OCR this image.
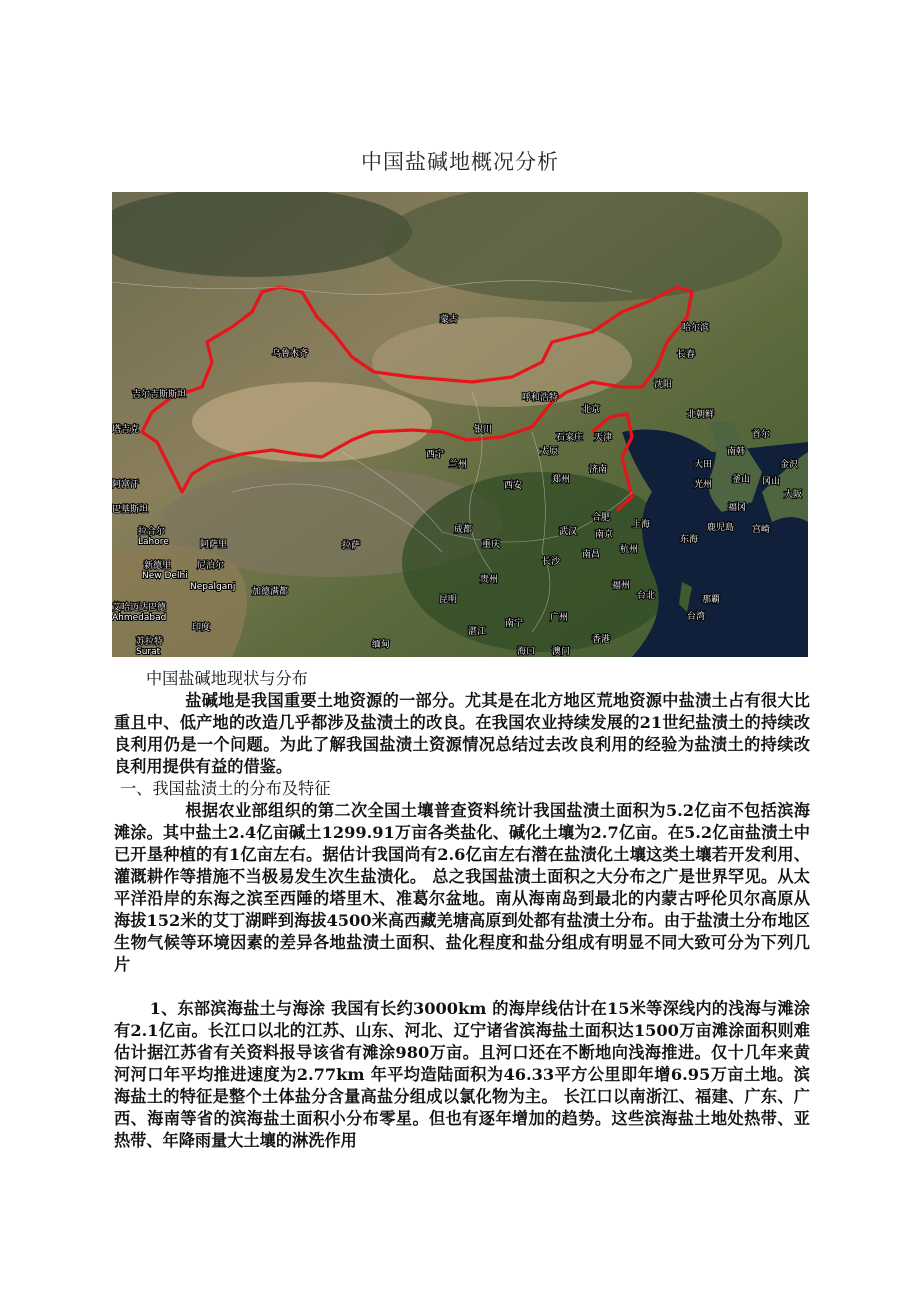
中国盐碱地概况分析
蒙古
哈尔滨
乌鲁木齐	长春
呼和浩特
沈阳
北朝鲜
北京
银川
石家庄 天津
西宁
兰州
太原
济南
首尔
南韩
大田
光州 釜山
金沢
冈山
大阪
福冈
宫崎
郑州
西安
合肥
南京
上海	鹿児島
东海
成都	武汉
重庆
长沙
南昌 杭州
拉萨
福州
台北	那覇
贵州
昆明
南宁
广州
香港
海口 澳门
湛江
缅甸
台湾
拉合尔
Lahore
新德里
New Delhi
尼泊尔
Nepalganj 加德满都
阿萨里
印度
艾哈迈达巴德
Ahmedabad
苏拉特
Surat
吉尔吉斯斯坦
塔吉克
阿富汗
巴基斯坦
中国盐碱地现状与分布

盐碱地是我国重要土地资源的一部分。尤其是在北方地区荒地资源中盐渍土占有很大比重且中、低产地的改造几乎都涉及盐渍土的改良。在我国农业持续发展的21世纪盐渍土的持续改良利用仍是一个问题。为此了解我国盐渍土资源情况总结过去改良利用的经验为盐渍土的持续改良利用提供有益的借鉴。

一、我国盐渍土的分布及特征

根据农业部组织的第二次全国土壤普查资料统计我国盐渍土面积为5.2亿亩不包括滨海滩涂。其中盐土2.4亿亩碱土1299.91万亩各类盐化、碱化土壤为2.7亿亩。在5.2亿亩盐渍土中已开垦种植的有1亿亩左右。据估计我国尚有2.6亿亩左右潜在盐渍化土壤这类土壤若开发利用、灌溉耕作等措施不当极易发生次生盐渍化。 总之我国盐渍土面积之大分布之广是世界罕见。从太平洋沿岸的东海之滨至西陲的塔里木、准葛尔盆地。南从海南岛到最北的内蒙古呼伦贝尔高原从海拔152米的艾丁湖畔到海拔4500米高西藏羌塘高原到处都有盐渍土分布。由于盐渍土分布地区生物气候等环境因素的差异各地盐渍土面积、盐化程度和盐分组成有明显不同大致可分为下列几片

1、东部滨海盐土与海涂 我国有长约3000km 的海岸线估计在15米等深线内的浅海与滩涂有2.1亿亩。长江口以北的江苏、山东、河北、辽宁诸省滨海盐土面积达1500万亩滩涂面积则难估计据江苏省有关资料报导该省有滩涂980万亩。且河口还在不断地向浅海推进。仅十几年来黄河河口年平均推进速度为2.77km 年平均造陆面积为46.33平方公里即年增6.95万亩土地。滨海盐土的特征是整个土体盐分含量高盐分组成以氯化物为主。 长江口以南浙江、福建、广东、广西、海南等省的滨海盐土面积小分布零星。但也有逐年增加的趋势。这些滨海盐土地处热带、亚热带、年降雨量大土壤的淋洗作用
